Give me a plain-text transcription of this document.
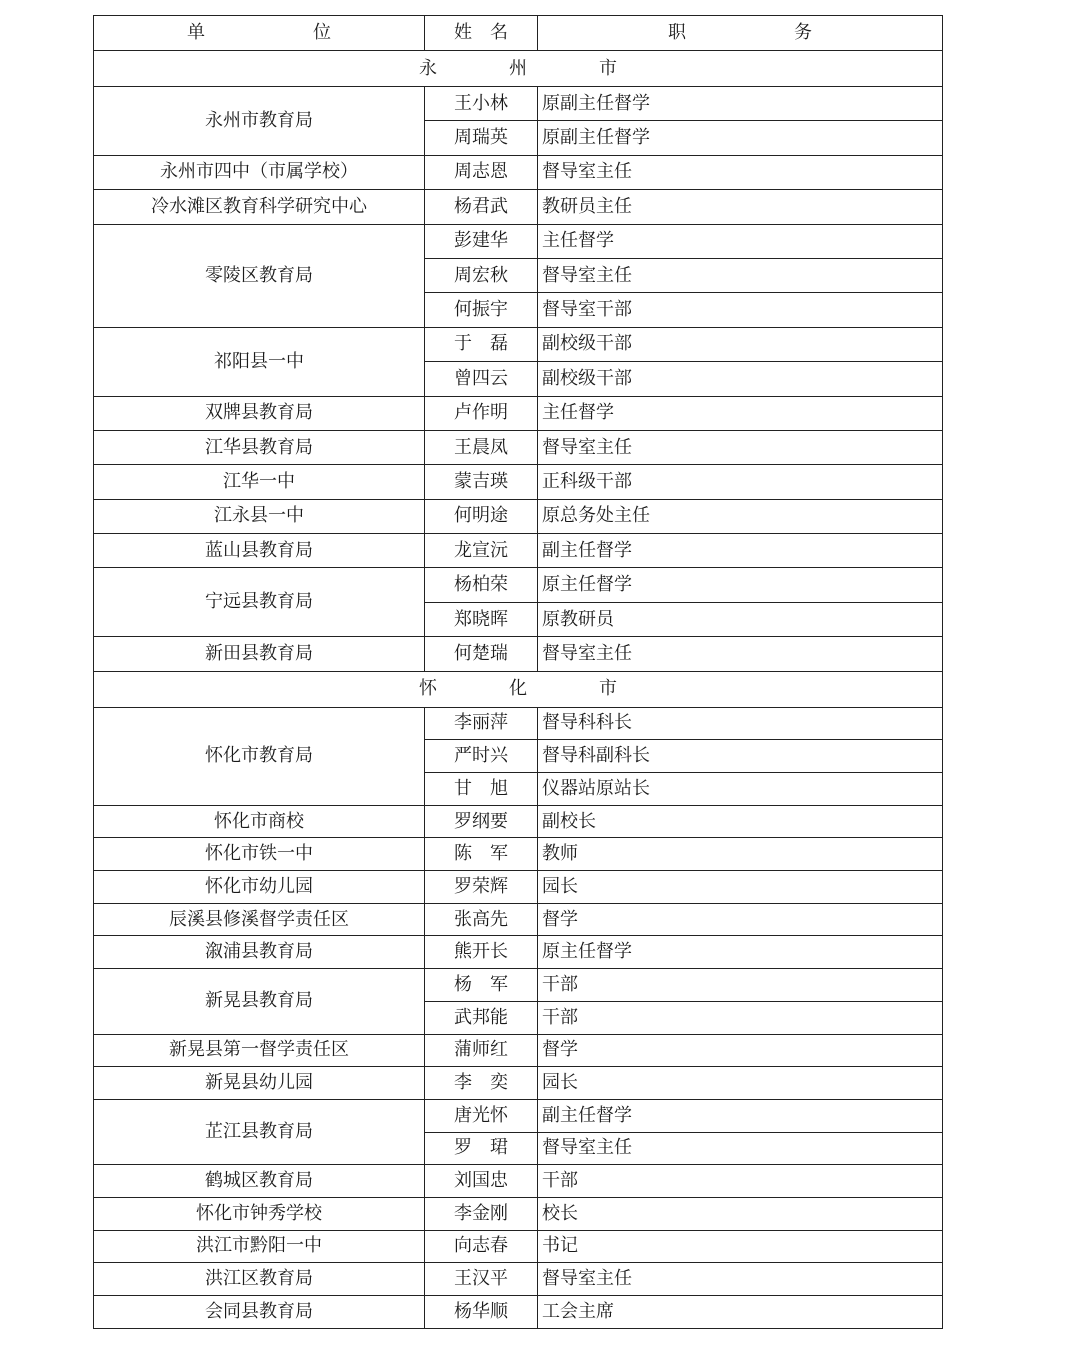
单　　　　　　位	姓　名	职　　　　　　务
永　　　　州　　　　市		
永州市教育局	王小林	原副主任督学
	周瑞英	原副主任督学
永州市四中（市属学校）	周志恩	督导室主任
冷水滩区教育科学研究中心	杨君武	教研员主任
零陵区教育局	彭建华	主任督学
	周宏秋	督导室主任
	何振宇	督导室干部
祁阳县一中	于　磊	副校级干部
	曾四云	副校级干部
双牌县教育局	卢作明	主任督学
江华县教育局	王晨凤	督导室主任
江华一中	蒙吉瑛	正科级干部
江永县一中	何明途	原总务处主任
蓝山县教育局	龙宣沅	副主任督学
宁远县教育局	杨柏荣	原主任督学
	郑晓晖	原教研员
新田县教育局	何楚瑞	督导室主任
怀　　　　化　　　　市		
怀化市教育局	李丽萍	督导科科长
	严时兴	督导科副科长
	甘　旭	仪器站原站长
怀化市商校	罗纲要	副校长
怀化市铁一中	陈　军	教师
怀化市幼儿园	罗荣辉	园长
辰溪县修溪督学责任区	张高先	督学
溆浦县教育局	熊开长	原主任督学
新晃县教育局	杨　军	干部
	武邦能	干部
新晃县第一督学责任区	蒲师红	督学
新晃县幼儿园	李　奕	园长
芷江县教育局	唐光怀	副主任督学
	罗　珺	督导室主任
鹤城区教育局	刘国忠	干部
怀化市钟秀学校	李金刚	校长
洪江市黔阳一中	向志春	书记
洪江区教育局	王汉平	督导室主任
会同县教育局	杨华顺	工会主席
